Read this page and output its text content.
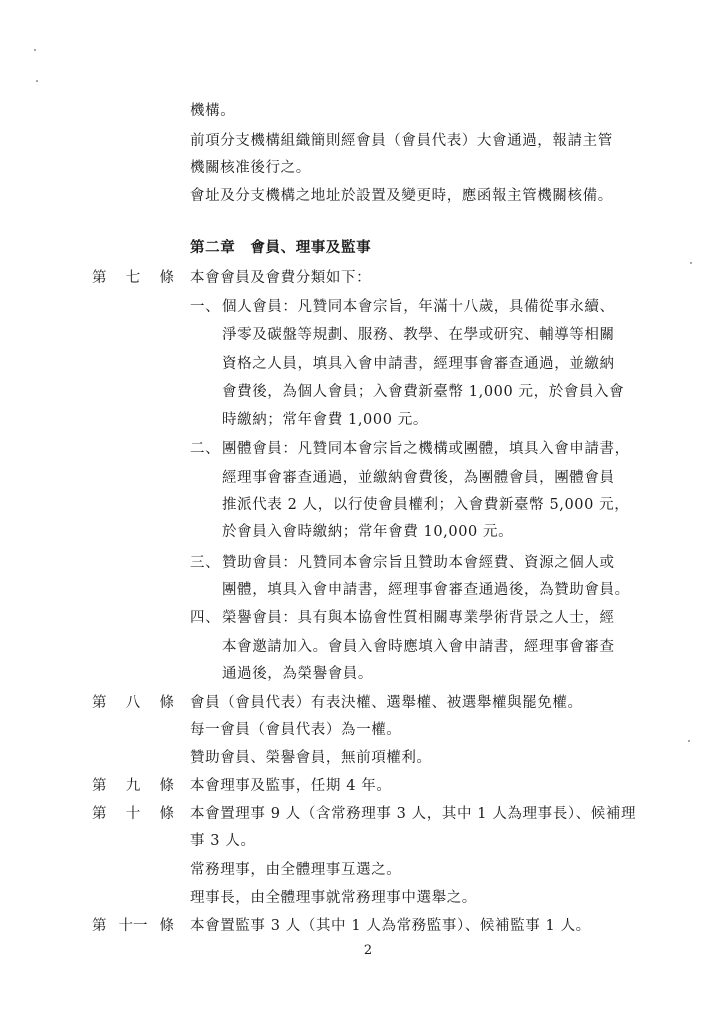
機構。
前項分支機構組織簡則經會員（會員代表）大會通過，報請主管
機關核准後行之。
會址及分支機構之地址於設置及變更時，應函報主管機關核備。
第二章　會員、理事及監事
第 七 條 本會會員及會費分類如下：
一、 個人會員：凡贊同本會宗旨，年滿十八歲，具備從事永續、
淨零及碳盤等規劃、服務、教學、在學或研究、輔導等相關
資格之人員，填具入會申請書，經理事會審查通過，並繳納
會費後，為個人會員；入會費新臺幣 1,000 元，於會員入會
時繳納；常年會費 1,000 元。
二、 團體會員：凡贊同本會宗旨之機構或團體，填具入會申請書，
經理事會審查通過，並繳納會費後，為團體會員，團體會員
推派代表 2 人，以行使會員權利；入會費新臺幣 5,000 元，
於會員入會時繳納；常年會費 10,000 元。
三、 贊助會員：凡贊同本會宗旨且贊助本會經費、資源之個人或
團體，填具入會申請書，經理事會審查通過後，為贊助會員。
四、 榮譽會員：具有與本協會性質相關專業學術背景之人士，經
本會邀請加入。會員入會時應填入會申請書，經理事會審查
通過後，為榮譽會員。
第 八 條 會員（會員代表）有表決權、選舉權、被選舉權與罷免權。
每一會員（會員代表）為一權。
贊助會員、榮譽會員，無前項權利。
第 九 條 本會理事及監事，任期 4 年。
第 十 條 本會置理事 9 人（含常務理事 3 人，其中 1 人為理事長）、候補理
事 3 人。
常務理事，由全體理事互選之。
理事長，由全體理事就常務理事中選舉之。
第 十一 條 本會置監事 3 人（其中 1 人為常務監事）、候補監事 1 人。
2
